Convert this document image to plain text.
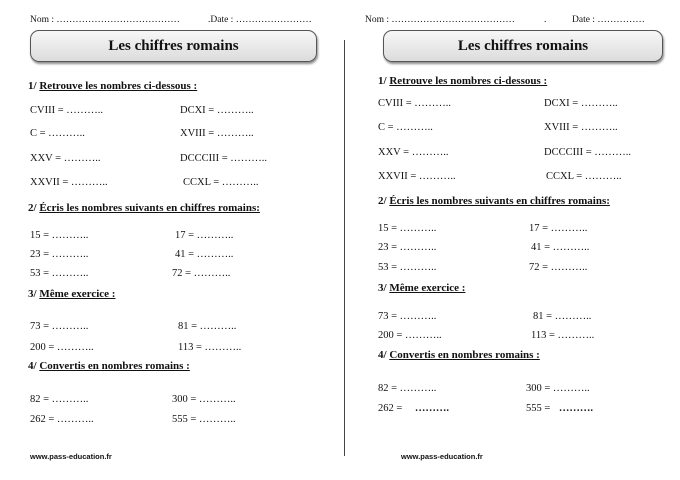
Nom : …………………………………	.Date : ……………………
Les chiffres romains
1/ Retrouve les nombres ci-dessous :
CVIII = ………..	DCXI = ………..
C = ………..	XVIII = ………..
XXV = ………..	DCCCIII = ………..
XXVII = ………..	CCXL = ………..
2/ Écris les nombres suivants en chiffres romains:
15 = ………..	17 = ………..
23 = ………..	41 = ………..
53 = ………..	72 = ………..
3/ Même exercice :
73 = ………..	81 = ………..
200 = ………..	113 = ………..
4/ Convertis en nombres romains :
82 = ………..	300 = ………..
262 = ………..	555 = ………..
www.pass-education.fr
Nom : …………………………………	.	Date : ……………
Les chiffres romains
1/ Retrouve les nombres ci-dessous :
CVIII = ………..	DCXI = ………..
C = ………..	XVIII = ………..
XXV = ………..	DCCCIII = ………..
XXVII = ………..	CCXL = ………..
2/ Écris les nombres suivants en chiffres romains:
15 = ………..	17 = ………..
23 = ………..	41 = ………..
53 = ………..	72 = ………..
3/ Même exercice :
73 = ………..	81 = ………..
200 = ………..	113 = ………..
4/ Convertis en nombres romains :
82 = ………..	300 = ………..
262 = ……….	555 = ……….
www.pass-education.fr
